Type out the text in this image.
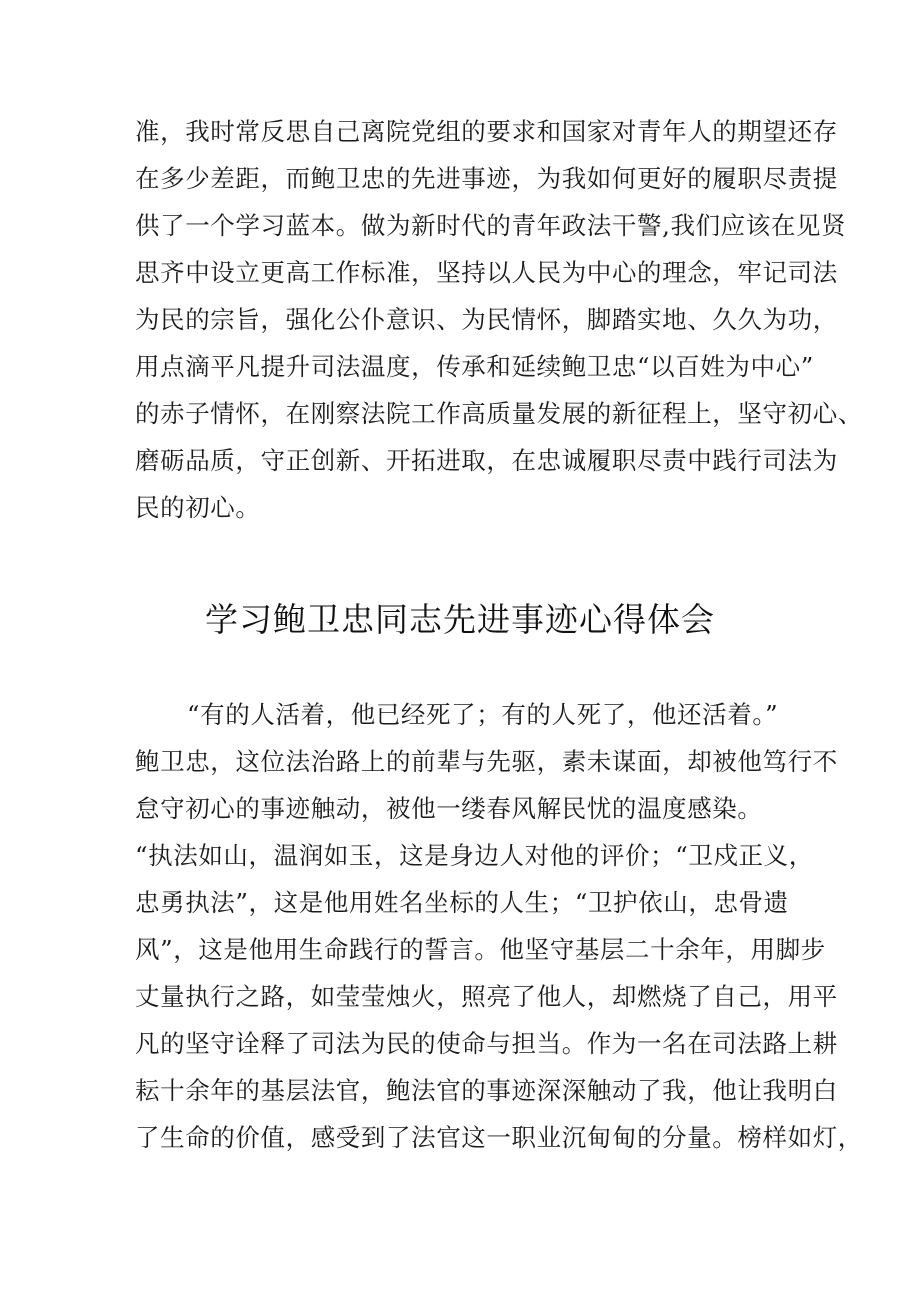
准，我时常反思自己离院党组的要求和国家对青年人的期望还存
在多少差距，而鲍卫忠的先进事迹，为我如何更好的履职尽责提
供了一个学习蓝本。做为新时代的青年政法干警,我们应该在见贤
思齐中设立更高工作标准，坚持以人民为中心的理念，牢记司法
为民的宗旨，强化公仆意识、为民情怀，脚踏实地、久久为功，
用点滴平凡提升司法温度，传承和延续鲍卫忠“以百姓为中心”
的赤子情怀，在刚察法院工作高质量发展的新征程上，坚守初心、
磨砺品质，守正创新、开拓进取，在忠诚履职尽责中践行司法为
民的初心。
学习鲍卫忠同志先进事迹心得体会
“有的人活着，他已经死了；有的人死了，他还活着。”
鲍卫忠，这位法治路上的前辈与先驱，素未谋面，却被他笃行不
怠守初心的事迹触动，被他一缕春风解民忧的温度感染。
“执法如山，温润如玉，这是身边人对他的评价；“卫戍正义，
忠勇执法”，这是他用姓名坐标的人生；“卫护依山，忠骨遗
风”，这是他用生命践行的誓言。他坚守基层二十余年，用脚步
丈量执行之路，如莹莹烛火，照亮了他人，却燃烧了自己，用平
凡的坚守诠释了司法为民的使命与担当。作为一名在司法路上耕
耘十余年的基层法官，鲍法官的事迹深深触动了我，他让我明白
了生命的价值，感受到了法官这一职业沉甸甸的分量。榜样如灯，
